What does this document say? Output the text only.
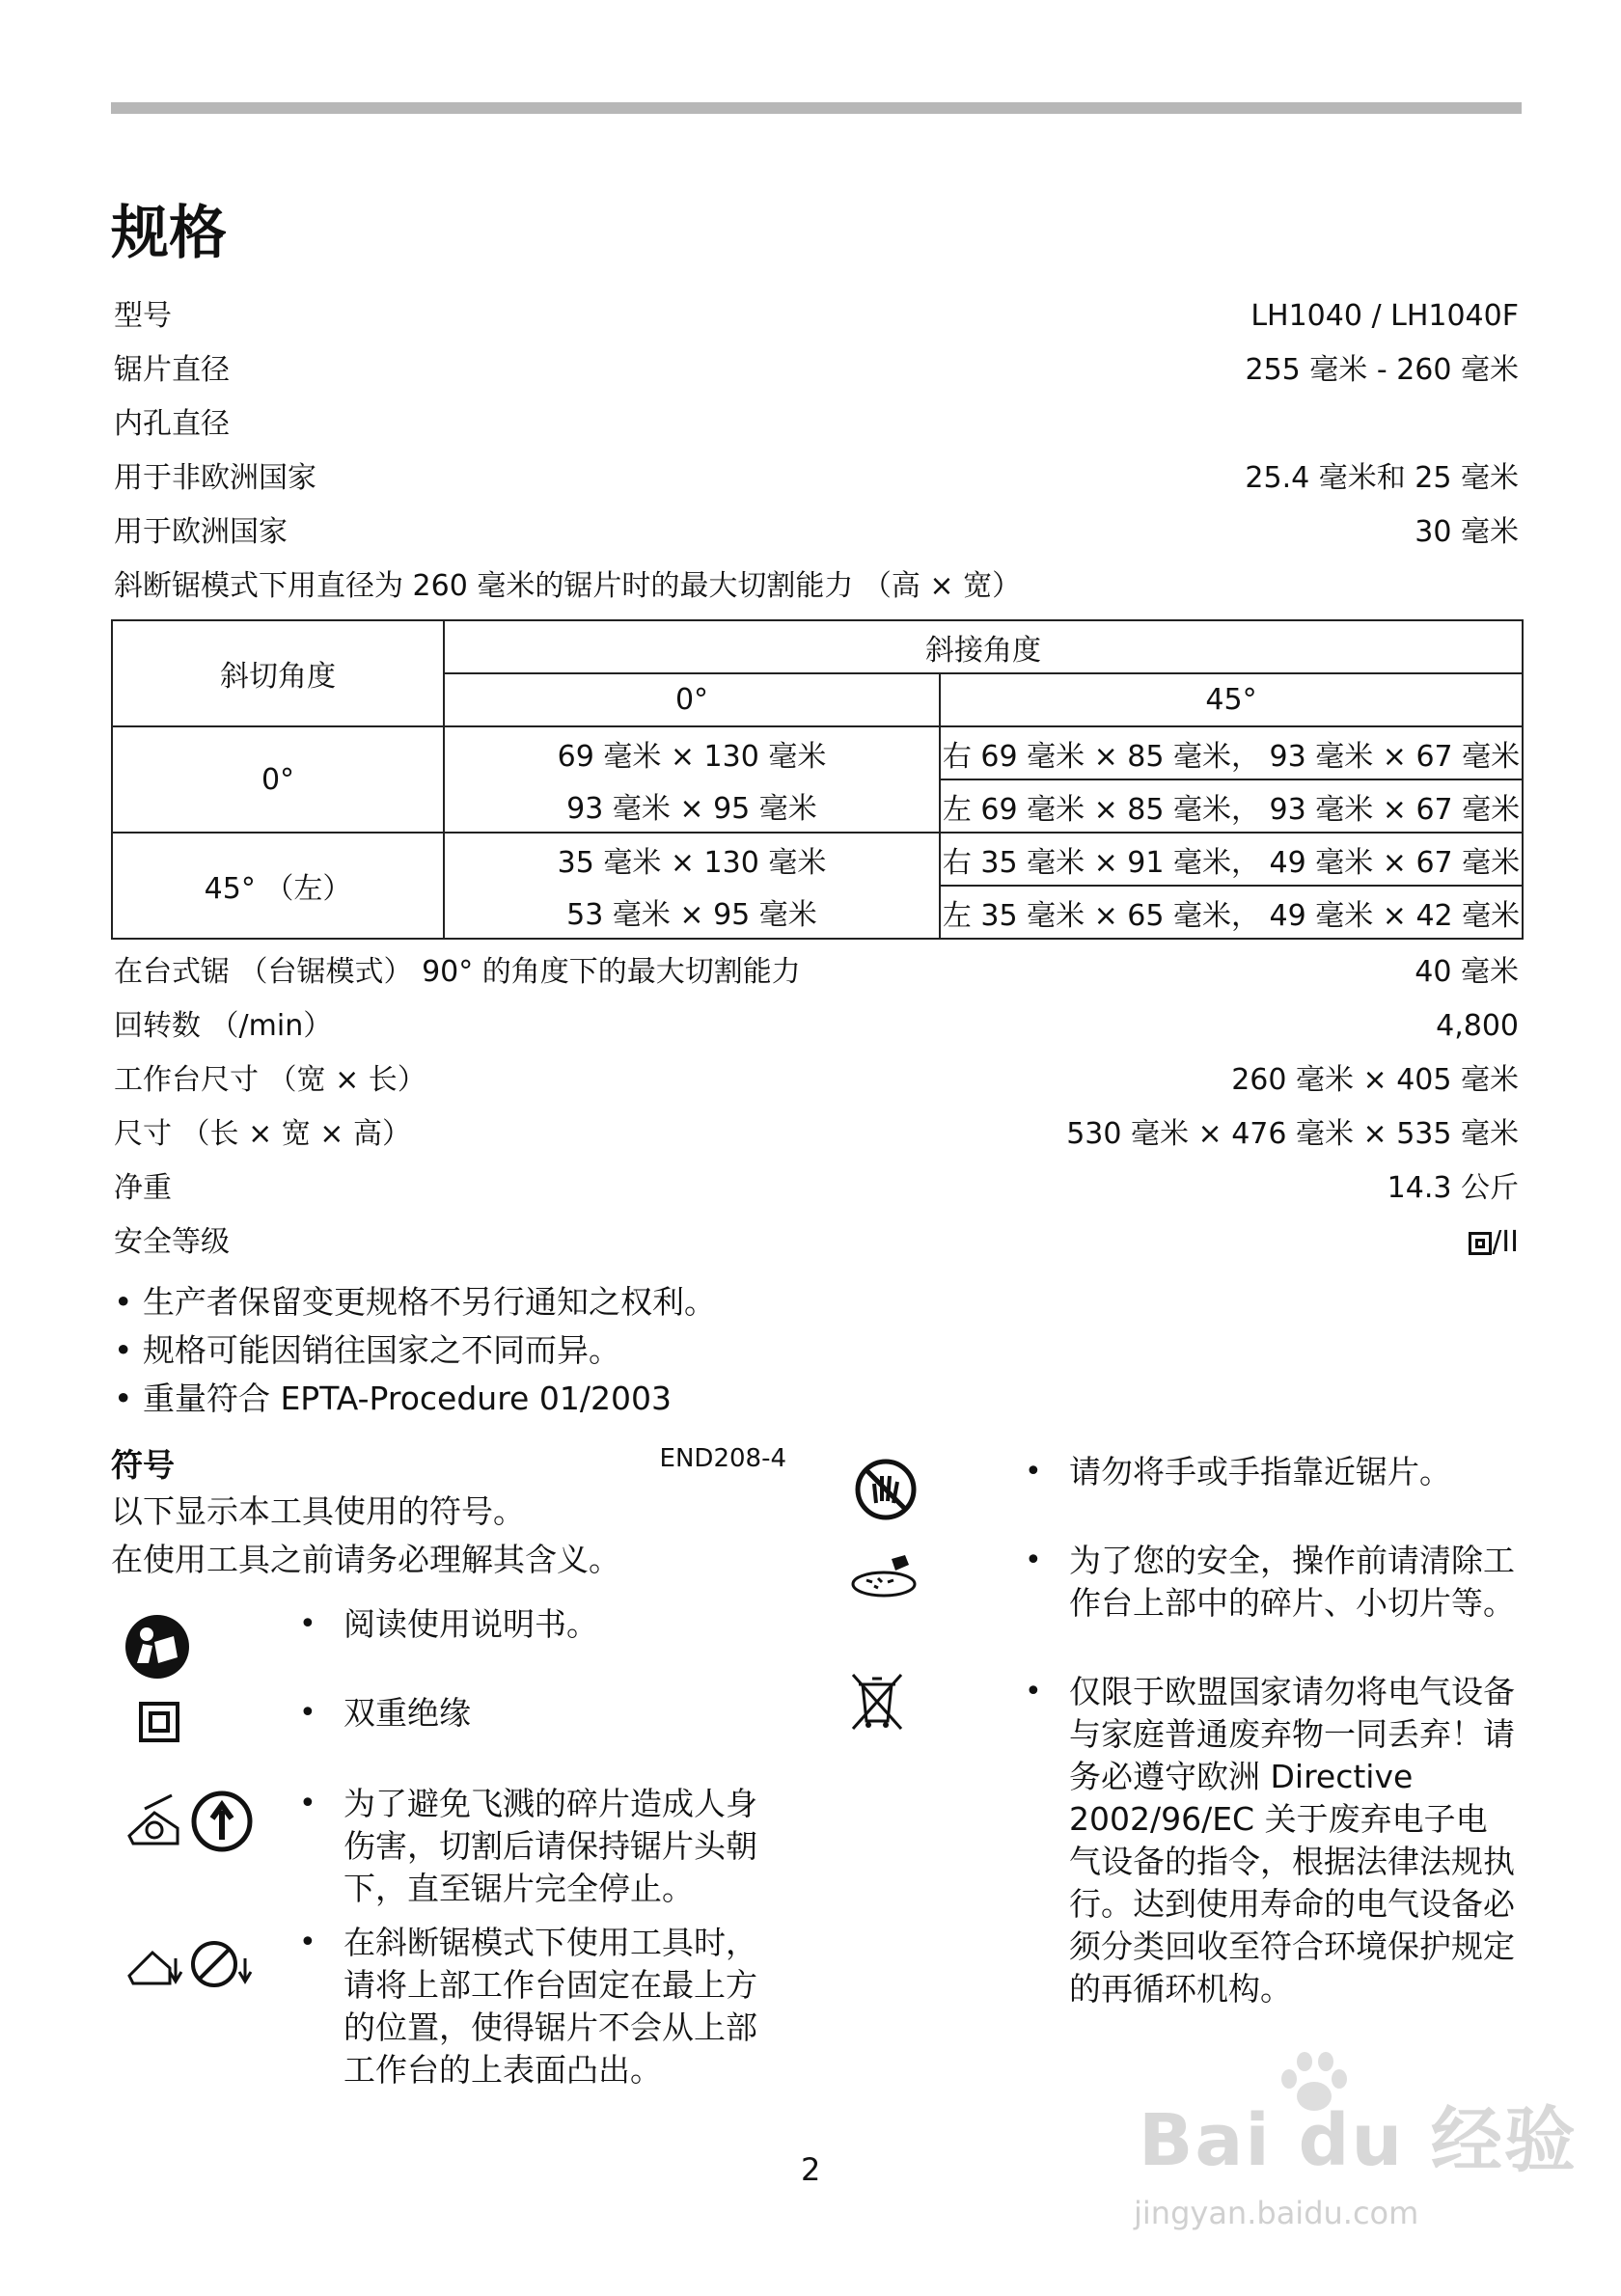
规格
型号	LH1040 / LH1040F
锯片直径	255 毫米 - 260 毫米
内孔直径
用于非欧洲国家	25.4 毫米和 25 毫米
用于欧洲国家	30 毫米
斜断锯模式下用直径为 260 毫米的锯片时的最大切割能力 （高 × 宽）
斜切角度	斜接角度	
	0°	45°
0°	69 毫米 × 130 毫米	右 69 毫米 × 85 毫米， 93 毫米 × 67 毫米
	93 毫米 × 95 毫米	左 69 毫米 × 85 毫米， 93 毫米 × 67 毫米
45° （左）	35 毫米 × 130 毫米	右 35 毫米 × 91 毫米， 49 毫米 × 67 毫米
	53 毫米 × 95 毫米	左 35 毫米 × 65 毫米， 49 毫米 × 42 毫米
在台式锯 （台锯模式） 90° 的角度下的最大切割能力	40 毫米
回转数 （/min）	4,800
工作台尺寸 （宽 × 长）	260 毫米 × 405 毫米
尺寸 （长 × 宽 × 高）	530 毫米 × 476 毫米 × 535 毫米
净重	14.3 公斤
安全等级	/II
• 生产者保留变更规格不另行通知之权利。
• 规格可能因销往国家之不同而异。
• 重量符合 EPTA-Procedure 01/2003
符号	END208-4
以下显示本工具使用的符号。
在使用工具之前请务必理解其含义。
• 阅读使用说明书。
• 双重绝缘
• 为了避免飞溅的碎片造成人身伤害，切割后请保持锯片头朝下，直至锯片完全停止。
• 在斜断锯模式下使用工具时，请将上部工作台固定在最上方的位置，使得锯片不会从上部工作台的上表面凸出。
• 请勿将手或手指靠近锯片。
• 为了您的安全，操作前请清除工作台上部中的碎片、小切片等。
• 仅限于欧盟国家请勿将电气设备与家庭普通废弃物一同丢弃！请务必遵守欧洲 Directive 2002/96/EC 关于废弃电子电气设备的指令，根据法律法规执行。达到使用寿命的电气设备必须分类回收至符合环境保护规定的再循环机构。
2	Bai du 经验
jingyan.baidu.com
